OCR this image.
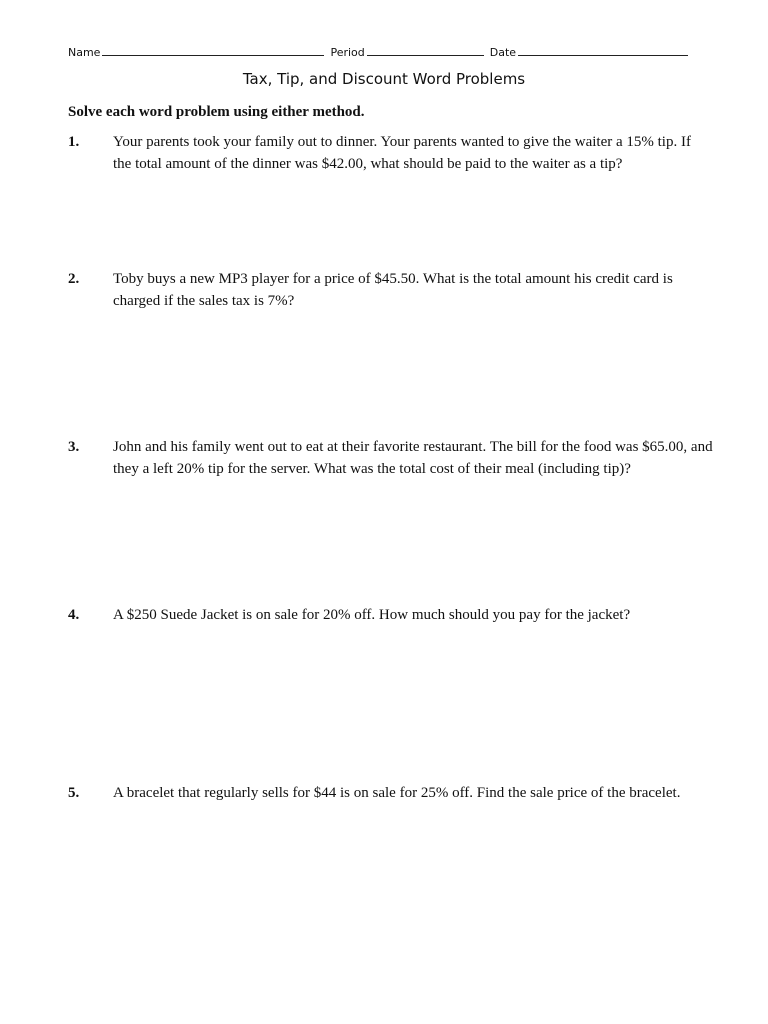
Name	Period	Date
Tax, Tip, and Discount Word Problems
Solve each word problem using either method.
1. Your parents took your family out to dinner. Your parents wanted to give the waiter a 15% tip. If the total amount of the dinner was $42.00, what should be paid to the waiter as a tip?
2. Toby buys a new MP3 player for a price of $45.50. What is the total amount his credit card is charged if the sales tax is 7%?
3. John and his family went out to eat at their favorite restaurant. The bill for the food was $65.00, and they a left 20% tip for the server. What was the total cost of their meal (including tip)?
4. A $250 Suede Jacket is on sale for 20% off. How much should you pay for the jacket?
5. A bracelet that regularly sells for $44 is on sale for 25% off. Find the sale price of the bracelet.
